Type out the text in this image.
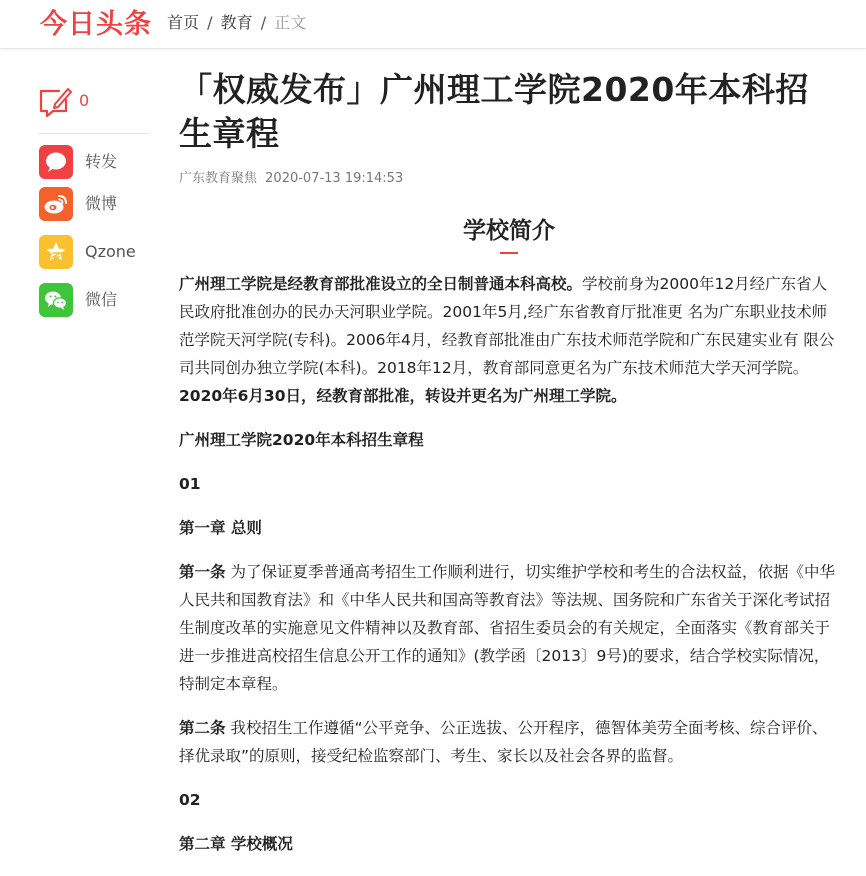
今日头条 首页 / 教育 / 正文
0
转发
微博
Qzone
微信
「权威发布」广州理工学院2020年本科招生章程
广东教育聚焦 2020-07-13 19:14:53
学校简介

广州理工学院是经教育部批准设立的全日制普通本科高校。学校前身为2000年12月经广东省人民政府批准创办的民办天河职业学院。2001年5月,经广东省教育厅批准更 名为广东职业技术师范学院天河学院(专科)。2006年4月，经教育部批准由广东技术师范学院和广东民建实业有 限公司共同创办独立学院(本科)。2018年12月，教育部同意更名为广东技术师范大学天河学院。2020年6月30日，经教育部批准，转设并更名为广州理工学院。

广州理工学院2020年本科招生章程

01

第一章 总则

第一条 为了保证夏季普通高考招生工作顺利进行，切实维护学校和考生的合法权益，依据《中华人民共和国教育法》和《中华人民共和国高等教育法》等法规、国务院和广东省关于深化考试招生制度改革的实施意见文件精神以及教育部、省招生委员会的有关规定，全面落实《教育部关于进一步推进高校招生信息公开工作的通知》(教学函〔2013〕9号)的要求，结合学校实际情况，特制定本章程。

第二条 我校招生工作遵循“公平竞争、公正选拔、公开程序，德智体美劳全面考核、综合评价、择优录取”的原则，接受纪检监察部门、考生、家长以及社会各界的监督。

02

第二章 学校概况
